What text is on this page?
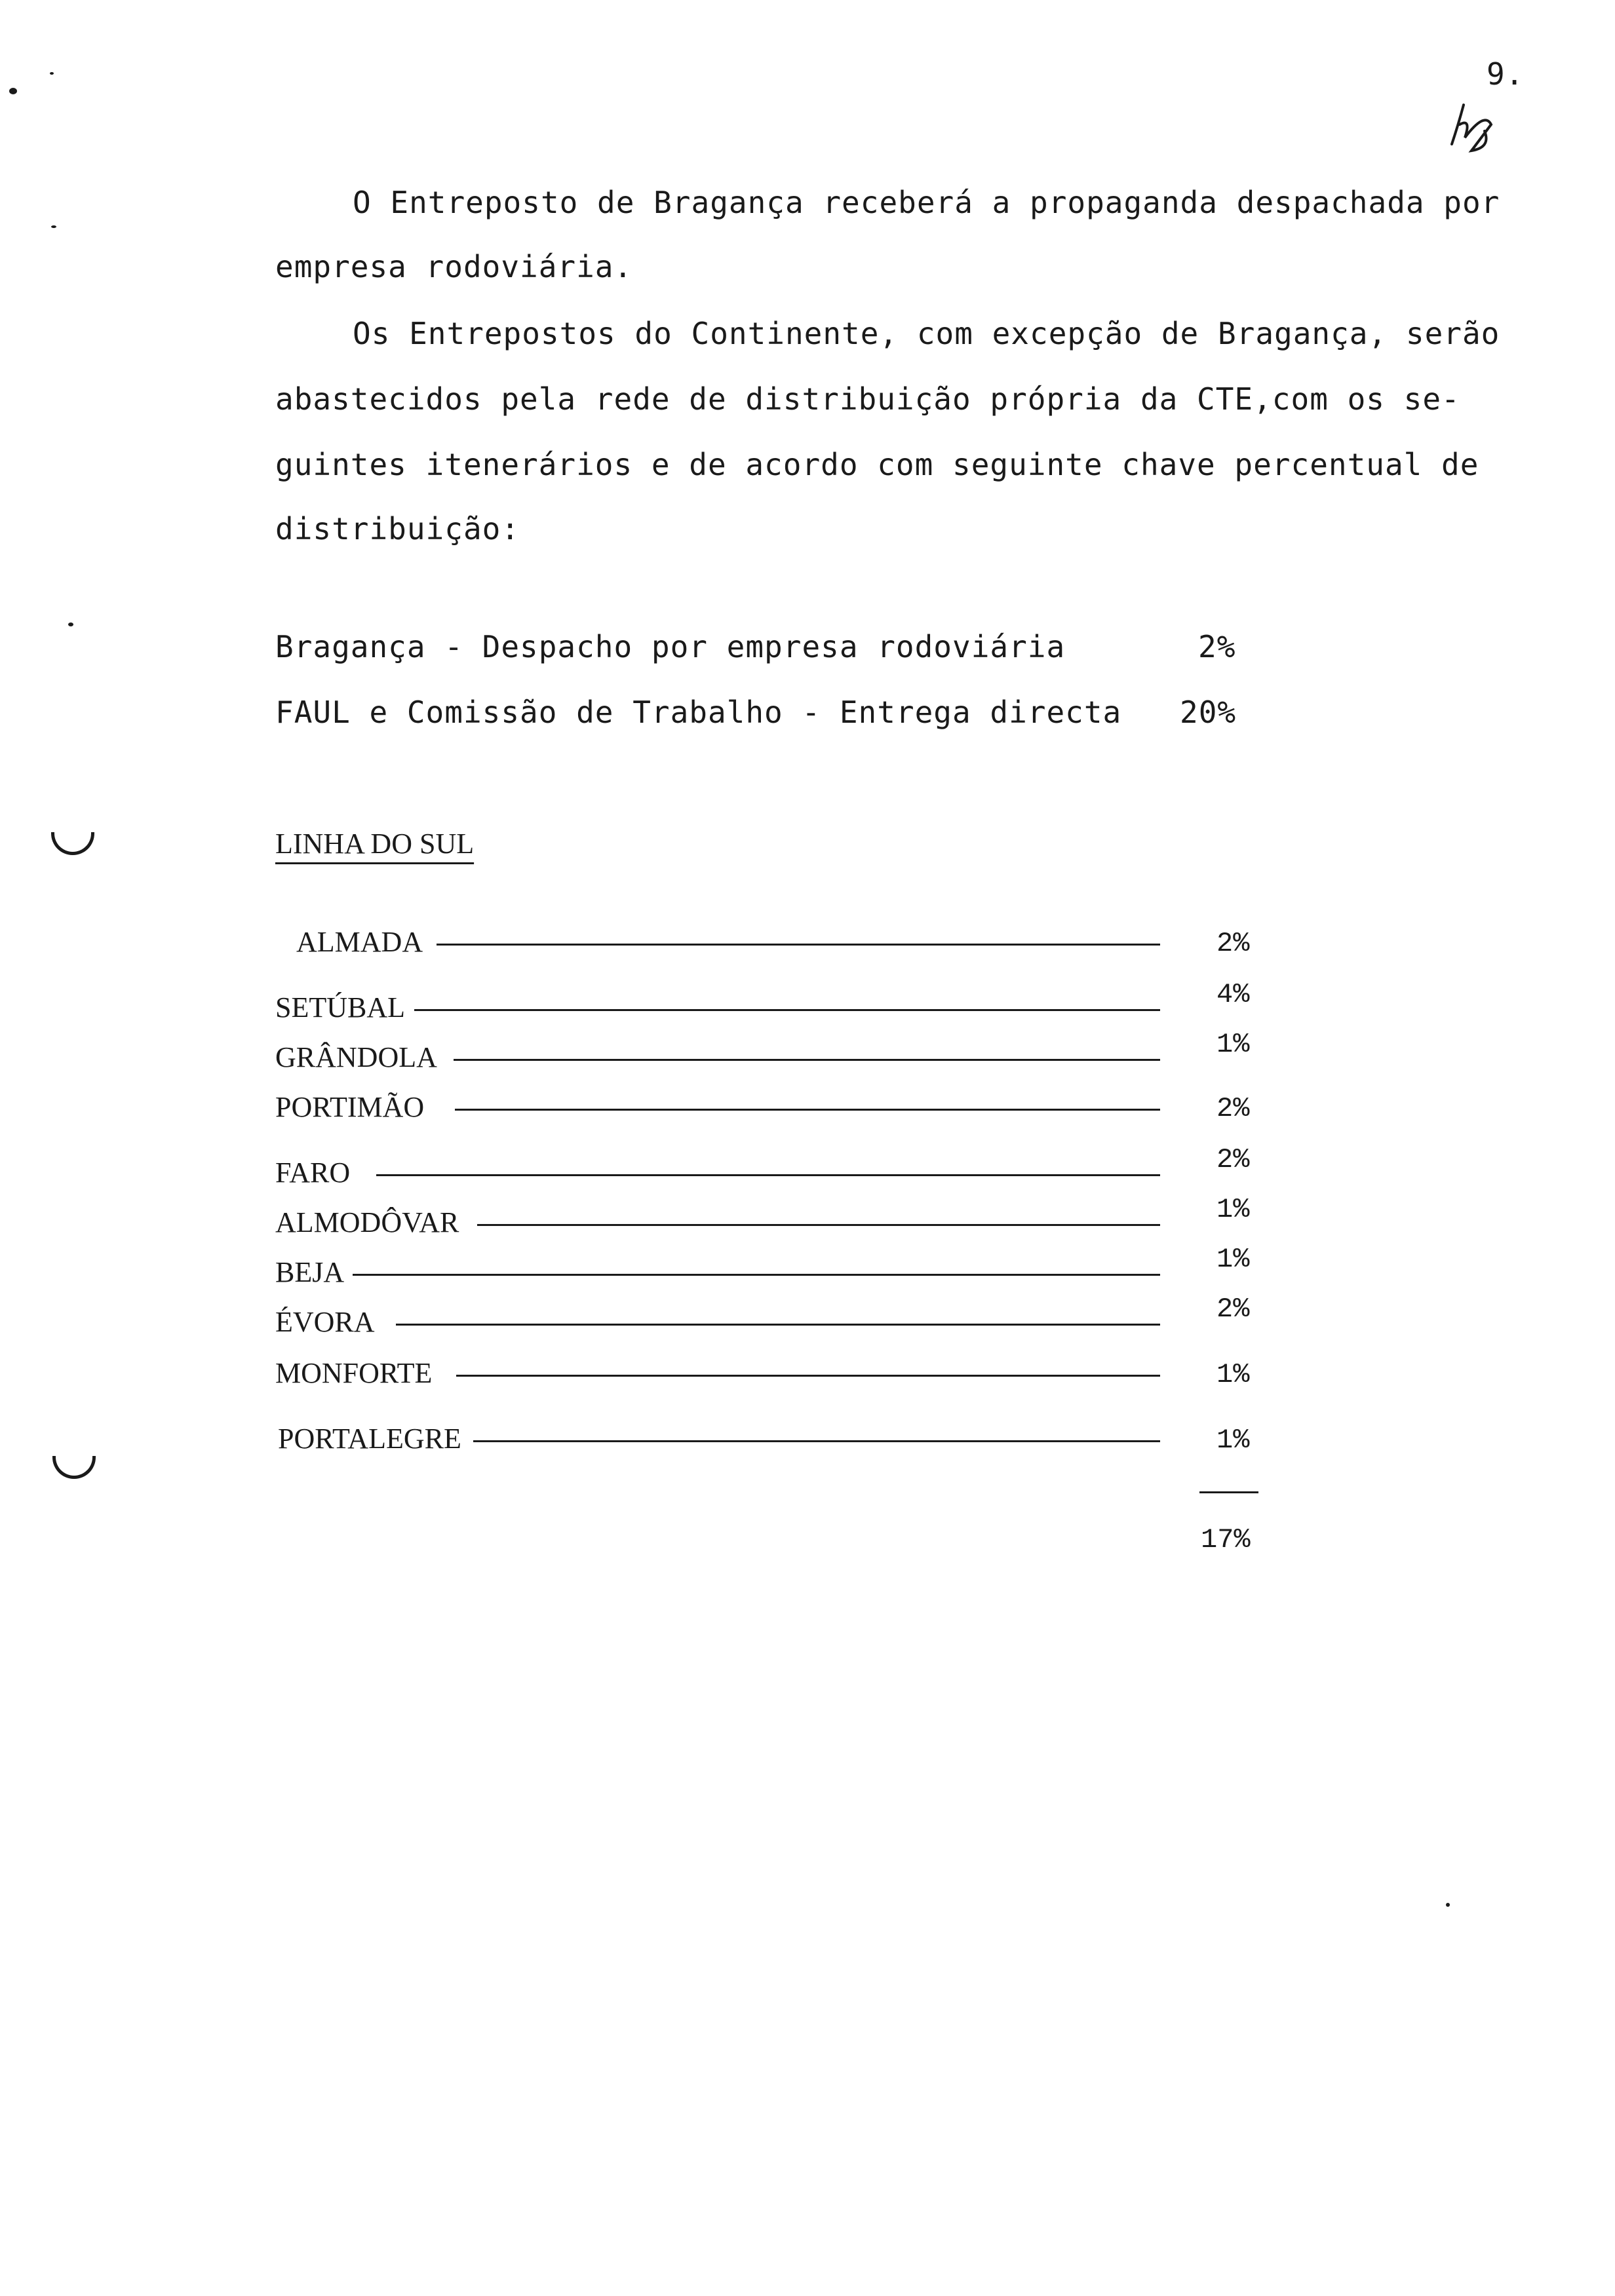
9.
O Entreposto de Bragança receberá a propaganda despachada por
empresa rodoviária.
Os Entrepostos do Continente, com excepção de Bragança, serão
abastecidos pela rede de distribuição própria da CTE,com os se-
guintes itenerários e de acordo com seguinte chave percentual de
distribuição:
Bragança - Despacho por empresa rodoviária	2%
FAUL e Comissão de Trabalho - Entrega directa 20%
LINHA DO SUL
ALMADA	2%
SETÚBAL	4%
GRÂNDOLA	1%
PORTIMÃO	2%
FARO	2%
ALMODÔVAR	1%
BEJA	1%
ÉVORA	2%
MONFORTE	1%
PORTALEGRE	1%
17%
